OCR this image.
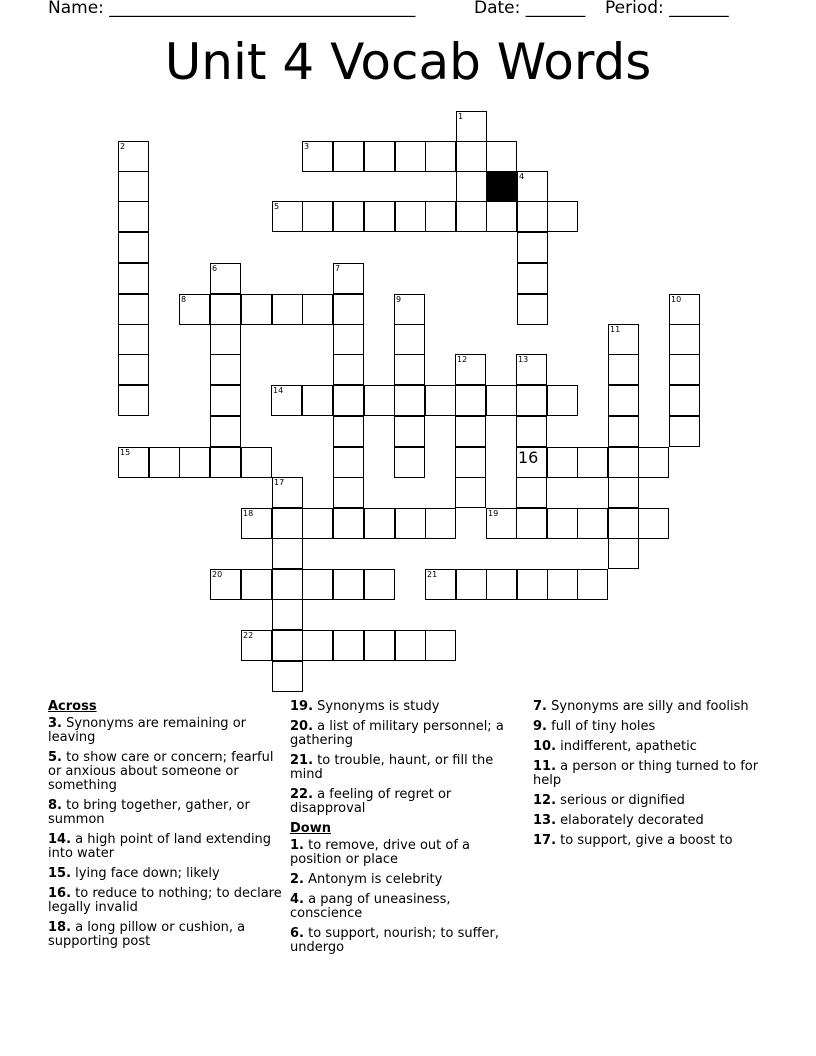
Name: ____________________________________	Date: _______ Period: _______
Unit 4 Vocab Words
1
2	3
4
5
6	7
8	9	10
11
12	13
14
15
17
18	19
20	21
22
16
Across
3. Synonyms are remaining or leaving
5. to show care or concern; fearful or anxious about someone or something
8. to bring together, gather, or summon
14. a high point of land extending into water
15. lying face down; likely
16. to reduce to nothing; to declare legally invalid
18. a long pillow or cushion, a supporting post
19. Synonyms is study
20. a list of military personnel; a gathering
21. to trouble, haunt, or fill the mind
22. a feeling of regret or disapproval
Down
1. to remove, drive out of a position or place
2. Antonym is celebrity
4. a pang of uneasiness, conscience
6. to support, nourish; to suffer, undergo
7. Synonyms are silly and foolish
9. full of tiny holes
10. indifferent, apathetic
11. a person or thing turned to for help
12. serious or dignified
13. elaborately decorated
17. to support, give a boost to
